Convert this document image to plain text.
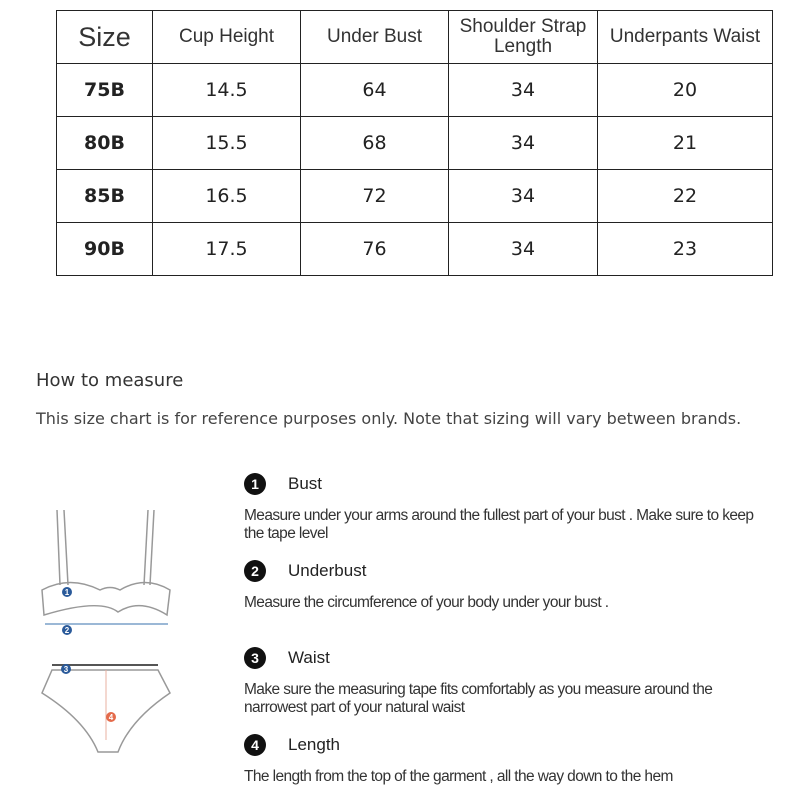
Size	Cup Height	Under Bust	Shoulder Strap Length	Underpants Waist
75B	14.5	64	34	20
80B	15.5	68	34	21
85B	16.5	72	34	22
90B	17.5	76	34	23
How to measure
This size chart is for reference purposes only. Note that sizing will vary between brands.
1
2
3
4
1	Bust
Measure under your arms around the fullest part of your bust . Make sure to keep the tape level
2	Underbust
Measure the circumference of your body under your bust .
3	Waist
Make sure the measuring tape fits comfortably as you measure around the narrowest part of your natural waist
4	Length
The length from the top of the garment , all the way down to the hem
